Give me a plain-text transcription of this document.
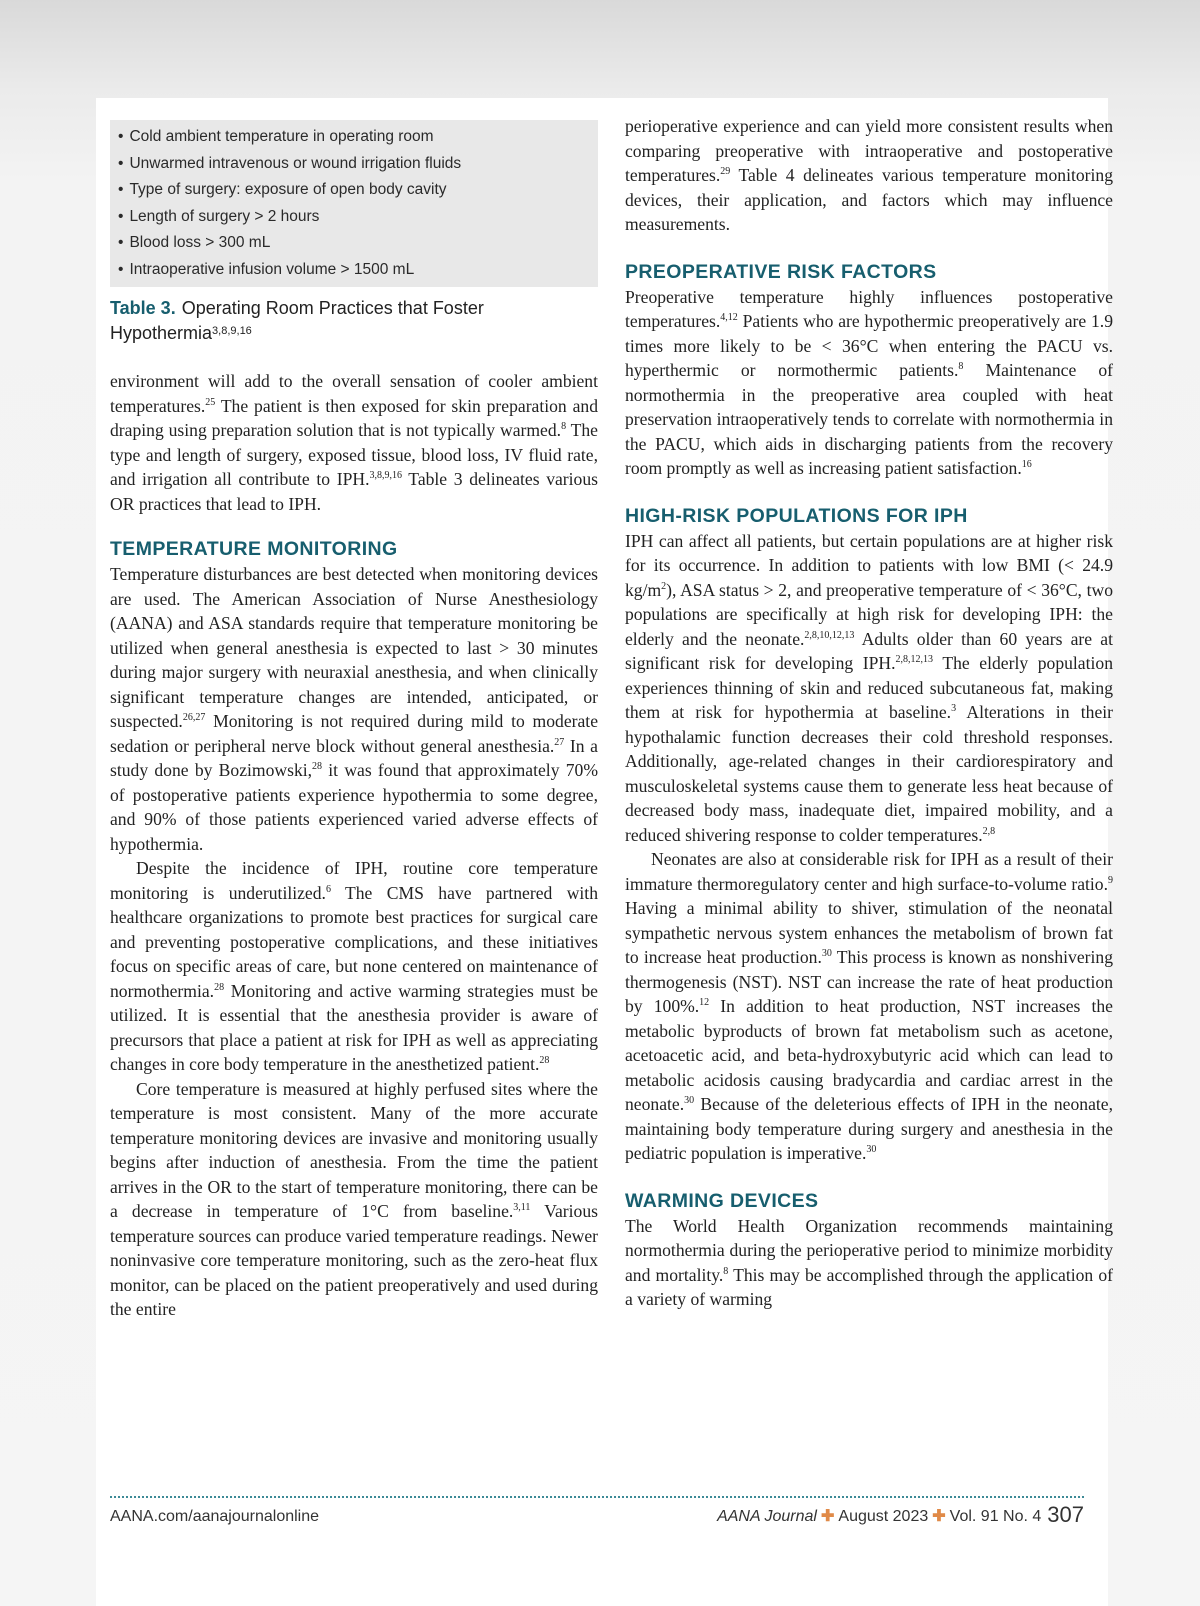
• Cold ambient temperature in operating room
• Unwarmed intravenous or wound irrigation fluids
• Type of surgery: exposure of open body cavity
• Length of surgery > 2 hours
• Blood loss > 300 mL
• Intraoperative infusion volume > 1500 mL
Table 3. Operating Room Practices that Foster Hypothermia$^{3,8,9,16}$

environment will add to the overall sensation of cooler ambient temperatures.$^{25}$ The patient is then exposed for skin preparation and draping using preparation solution that is not typically warmed.$^8$ The type and length of surgery, exposed tissue, blood loss, IV fluid rate, and irrigation all contribute to IPH.$^{3,8,9,16}$ Table 3 delineates various OR practices that lead to IPH.

TEMPERATURE MONITORING

Temperature disturbances are best detected when monitoring devices are used. The American Association of Nurse Anesthesiology (AANA) and ASA standards require that temperature monitoring be utilized when general anesthesia is expected to last > 30 minutes during major surgery with neuraxial anesthesia, and when clinically significant temperature changes are intended, anticipated, or suspected.$^{26,27}$ Monitoring is not required during mild to moderate sedation or peripheral nerve block without general anesthesia.$^{27}$ In a study done by Bozimowski,$^{28}$ it was found that approximately 70% of postoperative patients experience hypothermia to some degree, and 90% of those patients experienced varied adverse effects of hypothermia.

Despite the incidence of IPH, routine core temperature monitoring is underutilized.$^6$ The CMS have partnered with healthcare organizations to promote best practices for surgical care and preventing postoperative complications, and these initiatives focus on specific areas of care, but none centered on maintenance of normothermia.$^{28}$ Monitoring and active warming strategies must be utilized. It is essential that the anesthesia provider is aware of precursors that place a patient at risk for IPH as well as appreciating changes in core body temperature in the anesthetized patient.$^{28}$

Core temperature is measured at highly perfused sites where the temperature is most consistent. Many of the more accurate temperature monitoring devices are invasive and monitoring usually begins after induction of anesthesia. From the time the patient arrives in the OR to the start of temperature monitoring, there can be a decrease in temperature of 1°C from baseline.$^{3,11}$ Various temperature sources can produce varied temperature readings. Newer noninvasive core temperature monitoring, such as the zero-heat flux monitor, can be placed on the patient preoperatively and used during the entire

perioperative experience and can yield more consistent results when comparing preoperative with intraoperative and postoperative temperatures.$^{29}$ Table 4 delineates various temperature monitoring devices, their application, and factors which may influence measurements.

PREOPERATIVE RISK FACTORS

Preoperative temperature highly influences postoperative temperatures.$^{4,12}$ Patients who are hypothermic preoperatively are 1.9 times more likely to be < 36°C when entering the PACU vs. hyperthermic or normothermic patients.$^8$ Maintenance of normothermia in the preoperative area coupled with heat preservation intraoperatively tends to correlate with normothermia in the PACU, which aids in discharging patients from the recovery room promptly as well as increasing patient satisfaction.$^{16}$

HIGH-RISK POPULATIONS FOR IPH

IPH can affect all patients, but certain populations are at higher risk for its occurrence. In addition to patients with low BMI (< 24.9 $kg/m^2$), ASA status > 2, and preoperative temperature of < 36°C, two populations are specifically at high risk for developing IPH: the elderly and the neonate.$^{2,8,10,12,13}$ Adults older than 60 years are at significant risk for developing IPH.$^{2,8,12,13}$ The elderly population experiences thinning of skin and reduced subcutaneous fat, making them at risk for hypothermia at baseline.$^3$ Alterations in their hypothalamic function decreases their cold threshold responses. Additionally, age-related changes in their cardiorespiratory and musculoskeletal systems cause them to generate less heat because of decreased body mass, inadequate diet, impaired mobility, and a reduced shivering response to colder temperatures.$^{2,8}$

Neonates are also at considerable risk for IPH as a result of their immature thermoregulatory center and high surface-to-volume ratio.$^9$ Having a minimal ability to shiver, stimulation of the neonatal sympathetic nervous system enhances the metabolism of brown fat to increase heat production.$^{30}$ This process is known as nonshivering thermogenesis (NST). NST can increase the rate of heat production by 100%.$^{12}$ In addition to heat production, NST increases the metabolic byproducts of brown fat metabolism such as acetone, acetoacetic acid, and beta-hydroxybutyric acid which can lead to metabolic acidosis causing bradycardia and cardiac arrest in the neonate.$^{30}$ Because of the deleterious effects of IPH in the neonate, maintaining body temperature during surgery and anesthesia in the pediatric population is imperative.$^{30}$

WARMING DEVICES

The World Health Organization recommends maintaining normothermia during the perioperative period to minimize morbidity and mortality.$^8$ This may be accomplished through the application of a variety of warming

AANA.com/aanajournalonline	AANA Journal ✚ August 2023 ✚ Vol. 91 No. 4 307
